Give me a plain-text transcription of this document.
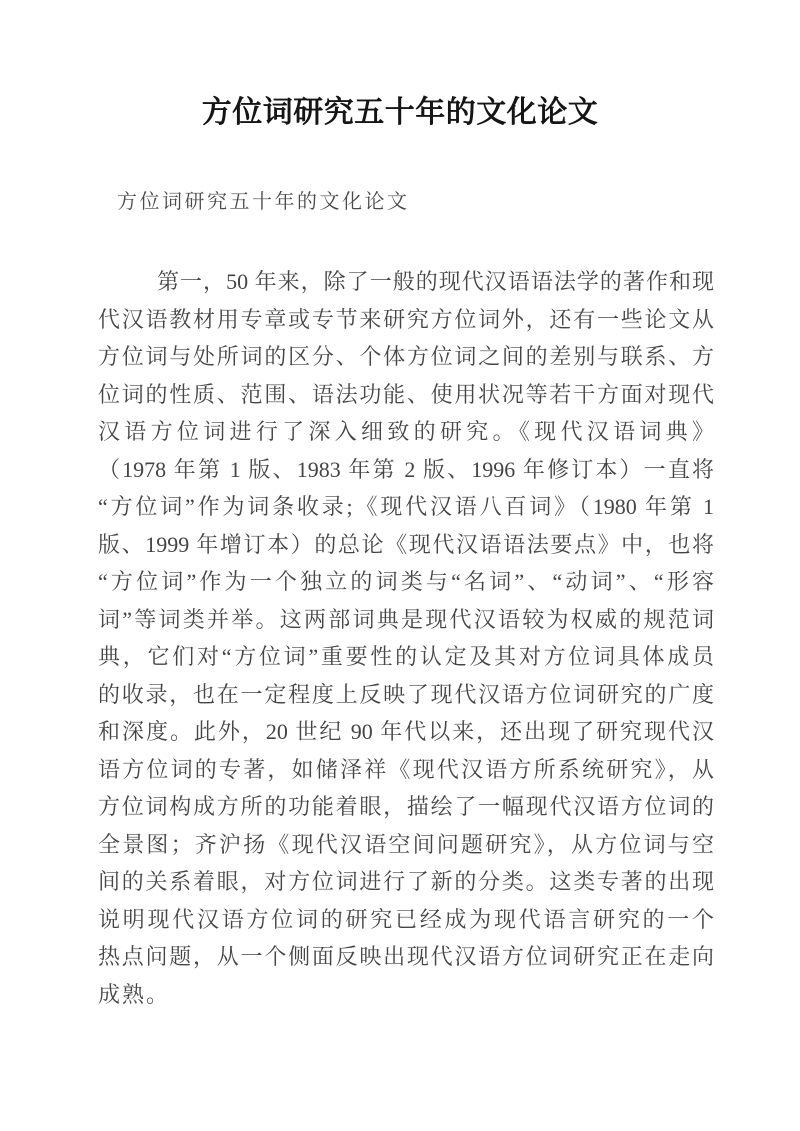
方位词研究五十年的文化论文
方位词研究五十年的文化论文
第一，50 年来，除了一般的现代汉语语法学的著作和现
代汉语教材用专章或专节来研究方位词外，还有一些论文从
方位词与处所词的区分、个体方位词之间的差别与联系、方
位词的性质、范围、语法功能、使用状况等若干方面对现代
汉语方位词进行了深入细致的研究。《现代汉语词典》
（1978 年第 1 版、1983 年第 2 版、1996 年修订本）一直将
“方位词”作为词条收录;《现代汉语八百词》（1980 年第 1
版、1999 年增订本）的总论《现代汉语语法要点》中，也将
“方位词”作为一个独立的词类与“名词”、“动词”、“形容
词”等词类并举。这两部词典是现代汉语较为权威的规范词
典，它们对“方位词”重要性的认定及其对方位词具体成员
的收录，也在一定程度上反映了现代汉语方位词研究的广度
和深度。此外，20 世纪 90 年代以来，还出现了研究现代汉
语方位词的专著，如储泽祥《现代汉语方所系统研究》，从
方位词构成方所的功能着眼，描绘了一幅现代汉语方位词的
全景图；齐沪扬《现代汉语空间问题研究》，从方位词与空
间的关系着眼，对方位词进行了新的分类。这类专著的出现
说明现代汉语方位词的研究已经成为现代语言研究的一个
热点问题，从一个侧面反映出现代汉语方位词研究正在走向
成熟。
